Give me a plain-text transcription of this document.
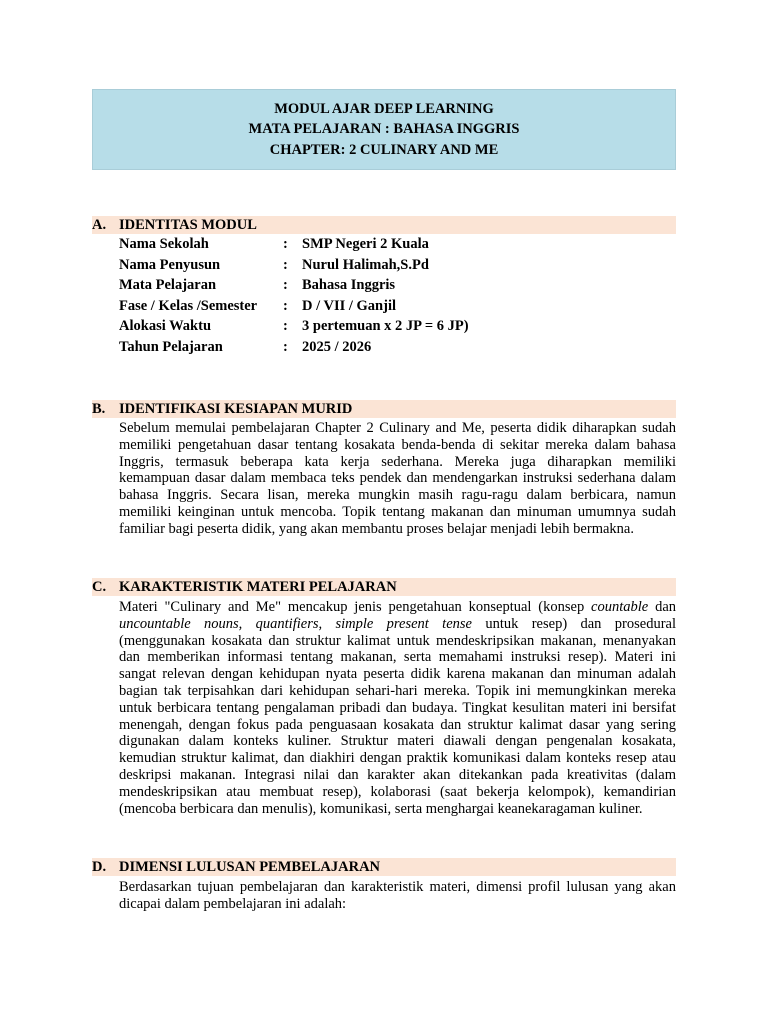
MODUL AJAR DEEP LEARNING
MATA PELAJARAN : BAHASA INGGRIS
CHAPTER: 2 CULINARY AND ME
A. IDENTITAS MODUL
Nama Sekolah	: SMP Negeri 2 Kuala
Nama Penyusun	: Nurul Halimah,S.Pd
Mata Pelajaran	: Bahasa Inggris
Fase / Kelas /Semester : D / VII / Ganjil
Alokasi Waktu	: 3 pertemuan x 2 JP = 6 JP)
Tahun Pelajaran	: 2025 / 2026
B. IDENTIFIKASI KESIAPAN MURID
Sebelum memulai pembelajaran Chapter 2 Culinary and Me, peserta didik diharapkan sudah memiliki pengetahuan dasar tentang kosakata benda-benda di sekitar mereka dalam bahasa Inggris, termasuk beberapa kata kerja sederhana. Mereka juga diharapkan memiliki kemampuan dasar dalam membaca teks pendek dan mendengarkan instruksi sederhana dalam bahasa Inggris. Secara lisan, mereka mungkin masih ragu-ragu dalam berbicara, namun memiliki keinginan untuk mencoba. Topik tentang makanan dan minuman umumnya sudah familiar bagi peserta didik, yang akan membantu proses belajar menjadi lebih bermakna.
C. KARAKTERISTIK MATERI PELAJARAN
Materi "Culinary and Me" mencakup jenis pengetahuan konseptual (konsep countable dan uncountable nouns, quantifiers, simple present tense untuk resep) dan prosedural (menggunakan kosakata dan struktur kalimat untuk mendeskripsikan makanan, menanyakan dan memberikan informasi tentang makanan, serta memahami instruksi resep). Materi ini sangat relevan dengan kehidupan nyata peserta didik karena makanan dan minuman adalah bagian tak terpisahkan dari kehidupan sehari-hari mereka. Topik ini memungkinkan mereka untuk berbicara tentang pengalaman pribadi dan budaya. Tingkat kesulitan materi ini bersifat menengah, dengan fokus pada penguasaan kosakata dan struktur kalimat dasar yang sering digunakan dalam konteks kuliner. Struktur materi diawali dengan pengenalan kosakata, kemudian struktur kalimat, dan diakhiri dengan praktik komunikasi dalam konteks resep atau deskripsi makanan. Integrasi nilai dan karakter akan ditekankan pada kreativitas (dalam mendeskripsikan atau membuat resep), kolaborasi (saat bekerja kelompok), kemandirian (mencoba berbicara dan menulis), komunikasi, serta menghargai keanekaragaman kuliner.
D. DIMENSI LULUSAN PEMBELAJARAN
Berdasarkan tujuan pembelajaran dan karakteristik materi, dimensi profil lulusan yang akan dicapai dalam pembelajaran ini adalah:
